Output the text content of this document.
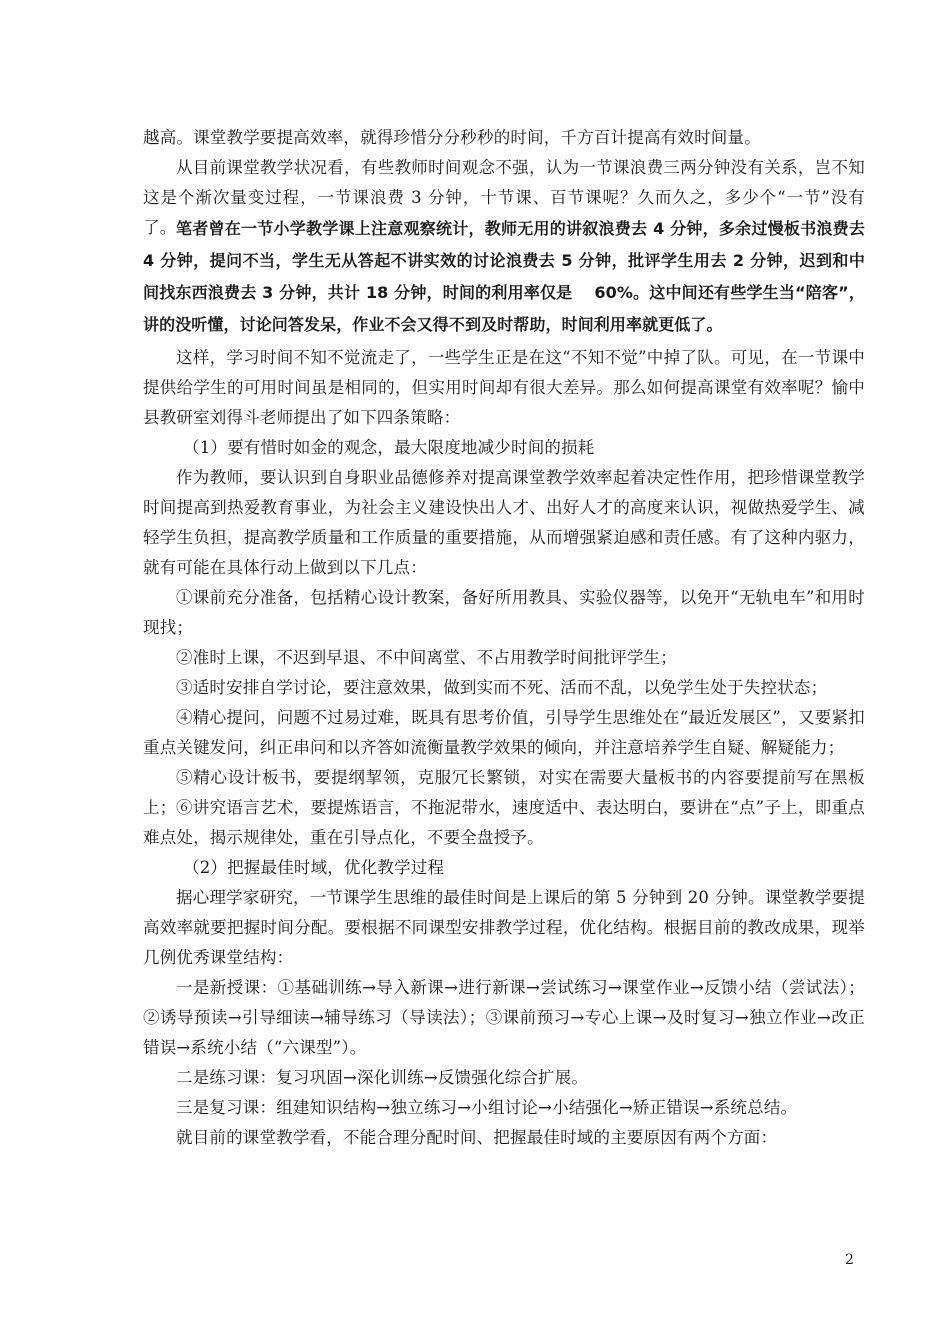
越高。课堂教学要提高效率，就得珍惜分分秒秒的时间，千方百计提高有效时间量。

从目前课堂教学状况看，有些教师时间观念不强，认为一节课浪费三两分钟没有关系，岂不知这是个渐次量变过程，一节课浪费 3 分钟，十节课、百节课呢？久而久之，多少个“一节”没有了。 笔者曾在一节小学教学课上注意观察统计，教师无用的讲叙浪费去 4 分钟，多余过慢板书浪费去 4 分钟，提问不当，学生无从答起不讲实效的讨论浪费去 5 分钟，批评学生用去 2 分钟，迟到和中间找东西浪费去 3 分钟，共计 18 分钟，时间的利用率仅是　 60%。这中间还有些学生当“陪客”，讲的没听懂，讨论问答发呆，作业不会又得不到及时帮助，时间利用率就更低了。

这样，学习时间不知不觉流走了，一些学生正是在这“不知不觉”中掉了队。可见，在一节课中提供给学生的可用时间虽是相同的，但实用时间却有很大差异。那么如何提高课堂有效率呢？愉中县教研室刘得斗老师提出了如下四条策略：

（1）要有惜时如金的观念，最大限度地减少时间的损耗

作为教师，要认识到自身职业品德修养对提高课堂教学效率起着决定性作用，把珍惜课堂教学时间提高到热爱教育事业，为社会主义建设快出人才、出好人才的高度来认识，视做热爱学生、减轻学生负担，提高教学质量和工作质量的重要措施，从而增强紧迫感和责任感。有了这种内驱力，就有可能在具体行动上做到以下几点：

①课前充分准备，包括精心设计教案，备好所用教具、实验仪器等，以免开“无轨电车”和用时现找；

②准时上课，不迟到早退、不中间离堂、不占用教学时间批评学生；

③适时安排自学讨论，要注意效果，做到实而不死、活而不乱，以免学生处于失控状态；

④精心提问，问题不过易过难，既具有思考价值，引导学生思维处在“最近发展区”，又要紧扣重点关键发问，纠正串问和以齐答如流衡量教学效果的倾向，并注意培养学生自疑、解疑能力；

⑤精心设计板书，要提纲挈领，克服冗长繁锁，对实在需要大量板书的内容要提前写在黑板上； ⑥讲究语言艺术，要提炼语言，不拖泥带水，速度适中、表达明白，要讲在“点”子上，即重点难点处，揭示规律处，重在引导点化，不要全盘授予。

（2）把握最佳时域，优化教学过程

据心理学家研究，一节课学生思维的最佳时间是上课后的第 5 分钟到 20 分钟。课堂教学要提高效率就要把握时间分配。要根据不同课型安排教学过程，优化结构。根据目前的教改成果，现举几例优秀课堂结构：

一是新授课：①基础训练→导入新课→进行新课→尝试练习→课堂作业→反馈小结（尝试法）；②诱导预读→引导细读→辅导练习（导读法）；③课前预习→专心上课→及时复习→独立作业→改正错误→系统小结（“六课型”）。

二是练习课：复习巩固→深化训练→反馈强化综合扩展。

三是复习课：组建知识结构→独立练习→小组讨论→小结强化→矫正错误→系统总结。

就目前的课堂教学看，不能合理分配时间、把握最佳时域的主要原因有两个方面：

2
